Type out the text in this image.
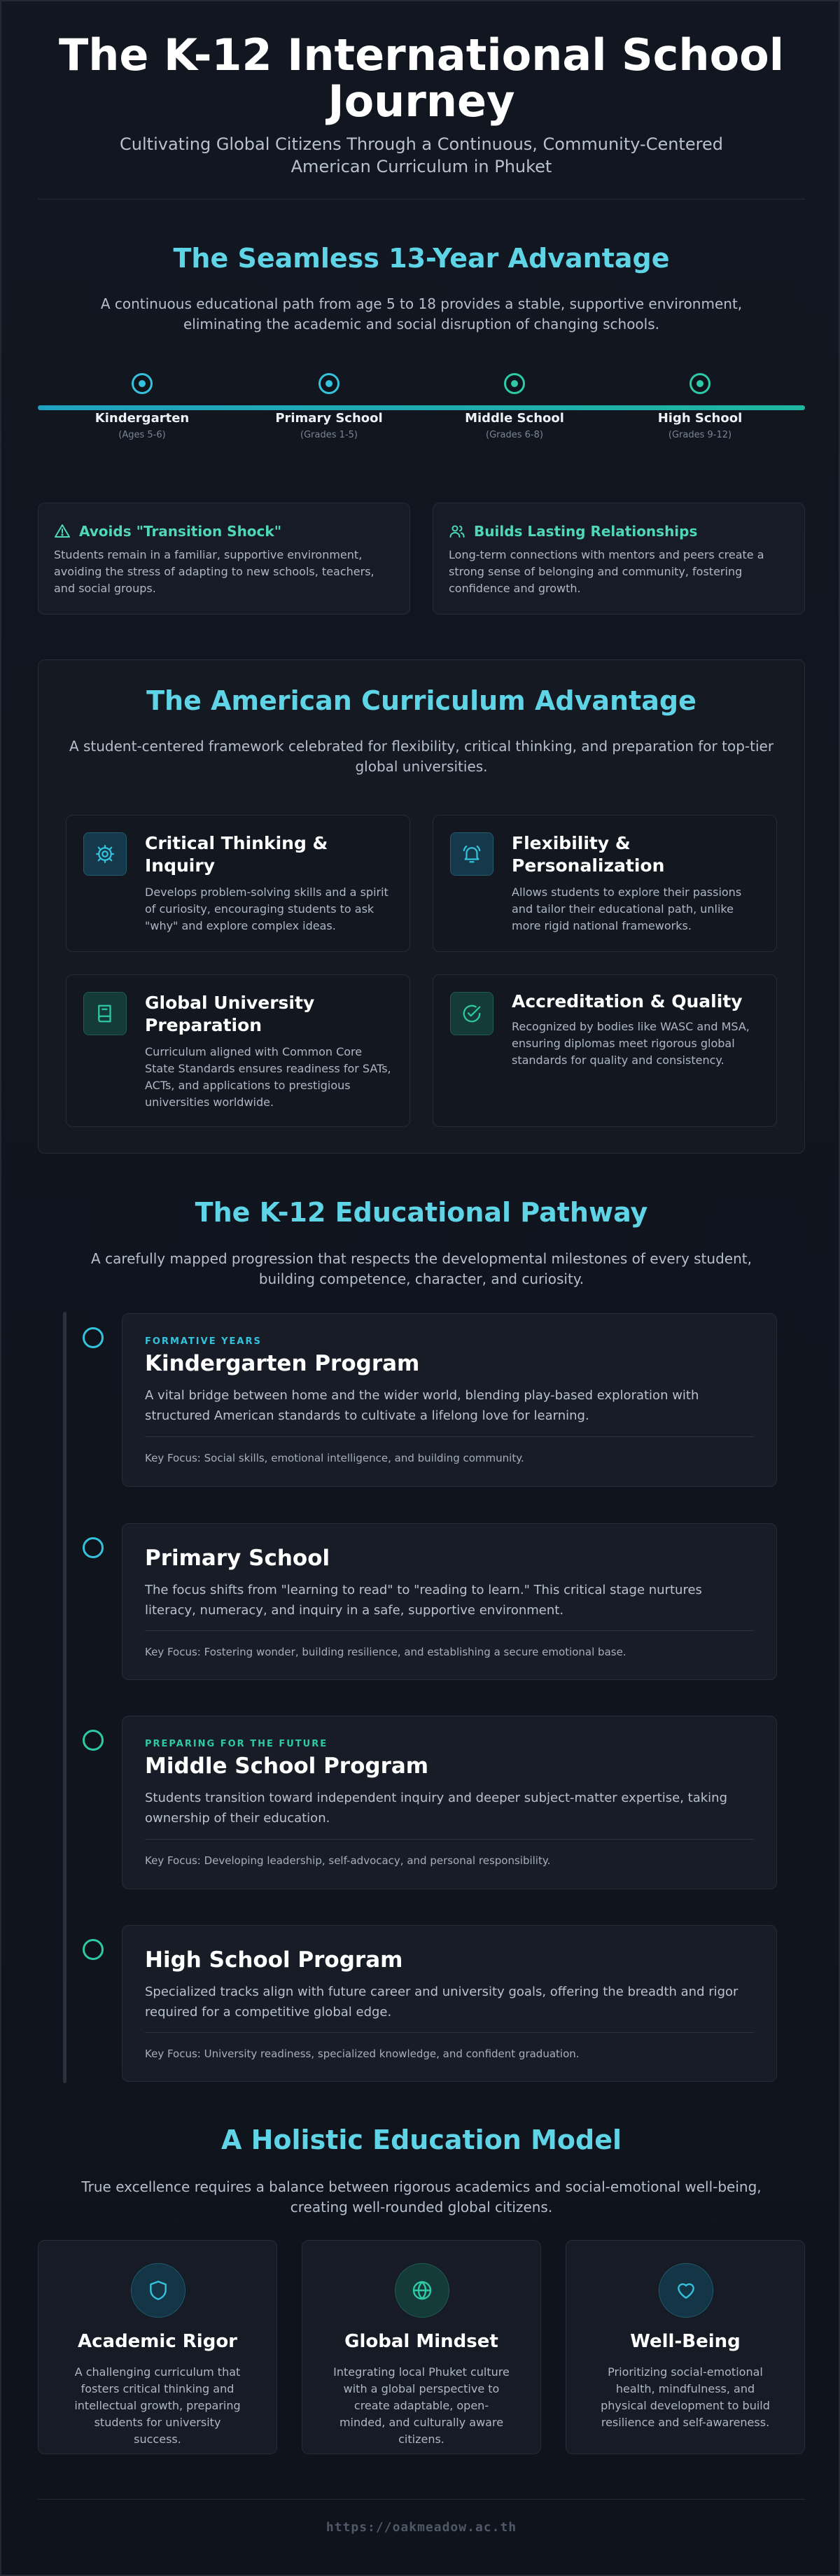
The K-12 International School Journey

Cultivating Global Citizens Through a Continuous, Community-Centered American Curriculum in Phuket

The Seamless 13-Year Advantage

A continuous educational path from age 5 to 18 provides a stable, supportive environment, eliminating the academic and social disruption of changing schools.

Kindergarten
(Ages 5-6)
Primary School
(Grades 1-5)
Middle School
(Grades 6-8)
High School
(Grades 9-12)
Avoids "Transition Shock"

Students remain in a familiar, supportive environment, avoiding the stress of adapting to new schools, teachers, and social groups.

Builds Lasting Relationships

Long-term connections with mentors and peers create a strong sense of belonging and community, fostering confidence and growth.

The American Curriculum Advantage

A student-centered framework celebrated for flexibility, critical thinking, and preparation for top-tier global universities.

Critical Thinking & Inquiry

Develops problem-solving skills and a spirit of curiosity, encouraging students to ask "why" and explore complex ideas.

Flexibility & Personalization

Allows students to explore their passions and tailor their educational path, unlike more rigid national frameworks.

Global University Preparation

Curriculum aligned with Common Core State Standards ensures readiness for SATs, ACTs, and applications to prestigious universities worldwide.

Accreditation & Quality

Recognized by bodies like WASC and MSA, ensuring diplomas meet rigorous global standards for quality and consistency.

The K-12 Educational Pathway

A carefully mapped progression that respects the developmental milestones of every student, building competence, character, and curiosity.

FORMATIVE YEARS
Kindergarten Program

A vital bridge between home and the wider world, blending play-based exploration with structured American standards to cultivate a lifelong love for learning.

Key Focus: Social skills, emotional intelligence, and building community.

Primary School

The focus shifts from "learning to read" to "reading to learn." This critical stage nurtures literacy, numeracy, and inquiry in a safe, supportive environment.

Key Focus: Fostering wonder, building resilience, and establishing a secure emotional base.

PREPARING FOR THE FUTURE
Middle School Program

Students transition toward independent inquiry and deeper subject-matter expertise, taking ownership of their education.

Key Focus: Developing leadership, self-advocacy, and personal responsibility.

High School Program

Specialized tracks align with future career and university goals, offering the breadth and rigor required for a competitive global edge.

Key Focus: University readiness, specialized knowledge, and confident graduation.

A Holistic Education Model

True excellence requires a balance between rigorous academics and social-emotional well-being, creating well-rounded global citizens.

Academic Rigor

A challenging curriculum that fosters critical thinking and intellectual growth, preparing students for university success.

Global Mindset

Integrating local Phuket culture with a global perspective to create adaptable, open-minded, and culturally aware citizens.

Well-Being

Prioritizing social-emotional health, mindfulness, and physical development to build resilience and self-awareness.

https://oakmeadow.ac.th
